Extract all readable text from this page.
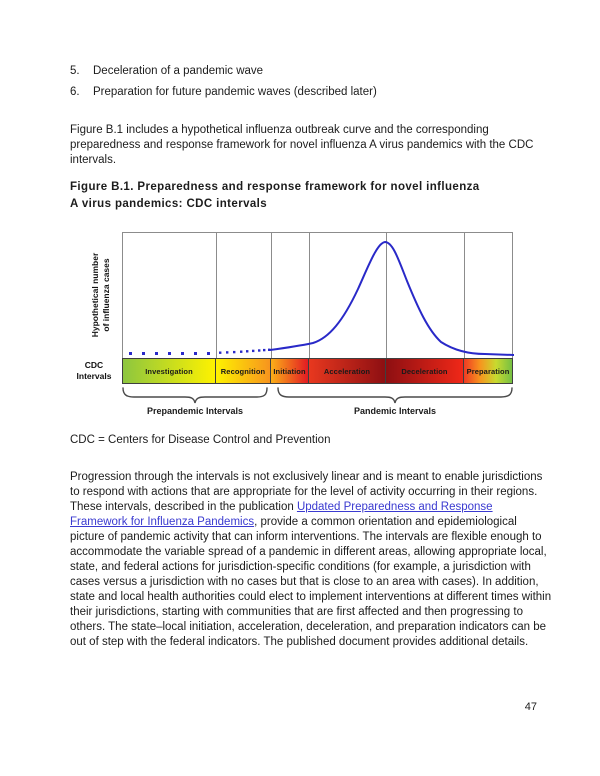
5.	Deceleration of a pandemic wave
6.	Preparation for future pandemic waves (described later)

Figure B.1 includes a hypothetical influenza outbreak curve and the corresponding preparedness and response framework for novel influenza A virus pandemics with the CDC intervals.

Figure B.1. Preparedness and response framework for novel influenza
A virus pandemics: CDC intervals
Hypothetical number of influenza cases
CDC
Intervals	Investigation	Recognition Initiation Acceleration	Deceleration	Preparation
Prepandemic Intervals	Pandemic Intervals

CDC = Centers for Disease Control and Prevention

Progression through the intervals is not exclusively linear and is meant to enable jurisdictions to respond with actions that are appropriate for the level of activity occurring in their regions. These intervals, described in the publication Updated Preparedness and Response Framework for Influenza Pandemics, provide a common orientation and epidemiological picture of pandemic activity that can inform interventions. The intervals are flexible enough to accommodate the variable spread of a pandemic in different areas, allowing appropriate local, state, and federal actions for jurisdiction-specific conditions (for example, a jurisdiction with cases versus a jurisdiction with no cases but that is close to an area with cases). In addition, state and local health authorities could elect to implement interventions at different times within their jurisdictions, starting with communities that are first affected and then progressing to others. The state–local initiation, acceleration, deceleration, and preparation indicators can be out of step with the federal indicators. The published document provides additional details.

47
